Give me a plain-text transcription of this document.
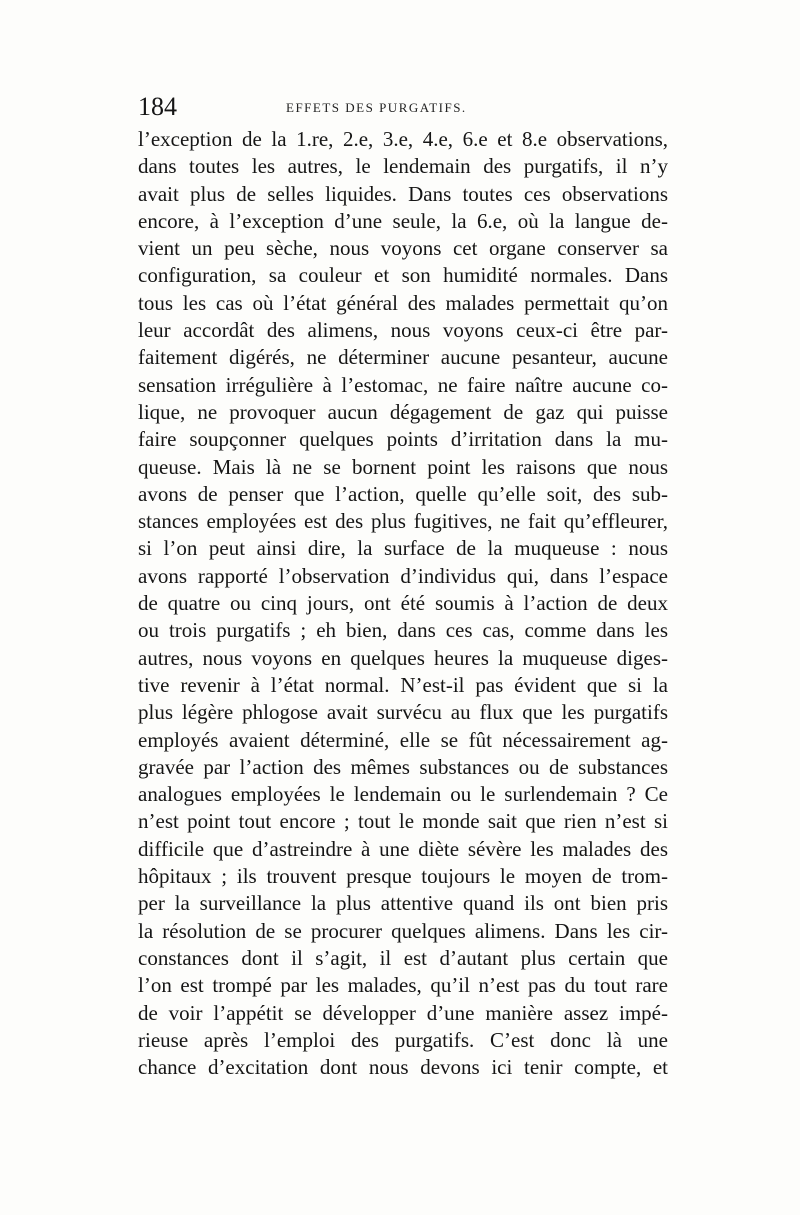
184	EFFETS DES PURGATIFS.
l’exception de la 1.re, 2.e, 3.e, 4.e, 6.e et 8.e observations,
dans toutes les autres, le lendemain des purgatifs, il n’y
avait plus de selles liquides. Dans toutes ces observations
encore, à l’exception d’une seule, la 6.e, où la langue de-
vient un peu sèche, nous voyons cet organe conserver sa
configuration, sa couleur et son humidité normales. Dans
tous les cas où l’état général des malades permettait qu’on
leur accordât des alimens, nous voyons ceux-ci être par-
faitement digérés, ne déterminer aucune pesanteur, aucune
sensation irrégulière à l’estomac, ne faire naître aucune co-
lique, ne provoquer aucun dégagement de gaz qui puisse
faire soupçonner quelques points d’irritation dans la mu-
queuse. Mais là ne se bornent point les raisons que nous
avons de penser que l’action, quelle qu’elle soit, des sub-
stances employées est des plus fugitives, ne fait qu’effleurer,
si l’on peut ainsi dire, la surface de la muqueuse : nous
avons rapporté l’observation d’individus qui, dans l’espace
de quatre ou cinq jours, ont été soumis à l’action de deux
ou trois purgatifs ; eh bien, dans ces cas, comme dans les
autres, nous voyons en quelques heures la muqueuse diges-
tive revenir à l’état normal. N’est-il pas évident que si la
plus légère phlogose avait survécu au flux que les purgatifs
employés avaient déterminé, elle se fût nécessairement ag-
gravée par l’action des mêmes substances ou de substances
analogues employées le lendemain ou le surlendemain ? Ce
n’est point tout encore ; tout le monde sait que rien n’est si
difficile que d’astreindre à une diète sévère les malades des
hôpitaux ; ils trouvent presque toujours le moyen de trom-
per la surveillance la plus attentive quand ils ont bien pris
la résolution de se procurer quelques alimens. Dans les cir-
constances dont il s’agit, il est d’autant plus certain que
l’on est trompé par les malades, qu’il n’est pas du tout rare
de voir l’appétit se développer d’une manière assez impé-
rieuse après l’emploi des purgatifs. C’est donc là une
chance d’excitation dont nous devons ici tenir compte, et
